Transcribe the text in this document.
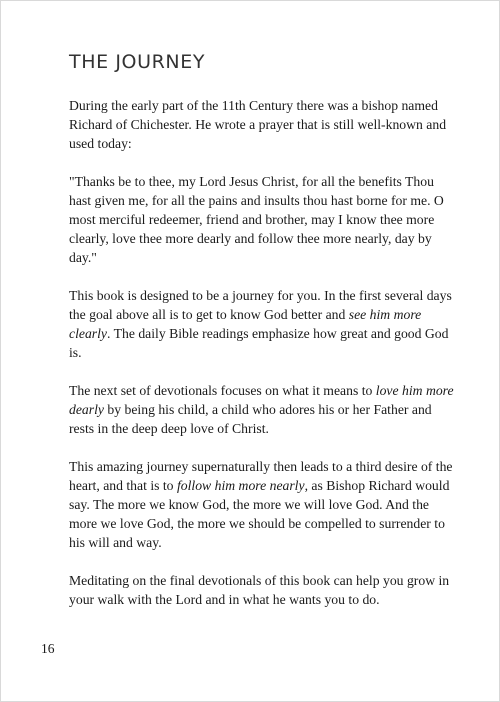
THE JOURNEY

During the early part of the 11th Century there was a bishop named Richard of Chichester. He wrote a prayer that is still well-known and used today:

"Thanks be to thee, my Lord Jesus Christ, for all the benefits Thou hast given me, for all the pains and insults thou hast borne for me. O most merciful redeemer, friend and brother, may I know thee more clearly, love thee more dearly and follow thee more nearly, day by day."

This book is designed to be a journey for you. In the first several days the goal above all is to get to know God better and see him more clearly. The daily Bible readings emphasize how great and good God is.

The next set of devotionals focuses on what it means to love him more dearly by being his child, a child who adores his or her Father and rests in the deep deep love of Christ.

This amazing journey supernaturally then leads to a third desire of the heart, and that is to follow him more nearly, as Bishop Richard would say. The more we know God, the more we will love God. And the more we love God, the more we should be compelled to surrender to his will and way.

Meditating on the final devotionals of this book can help you grow in your walk with the Lord and in what he wants you to do.

16
